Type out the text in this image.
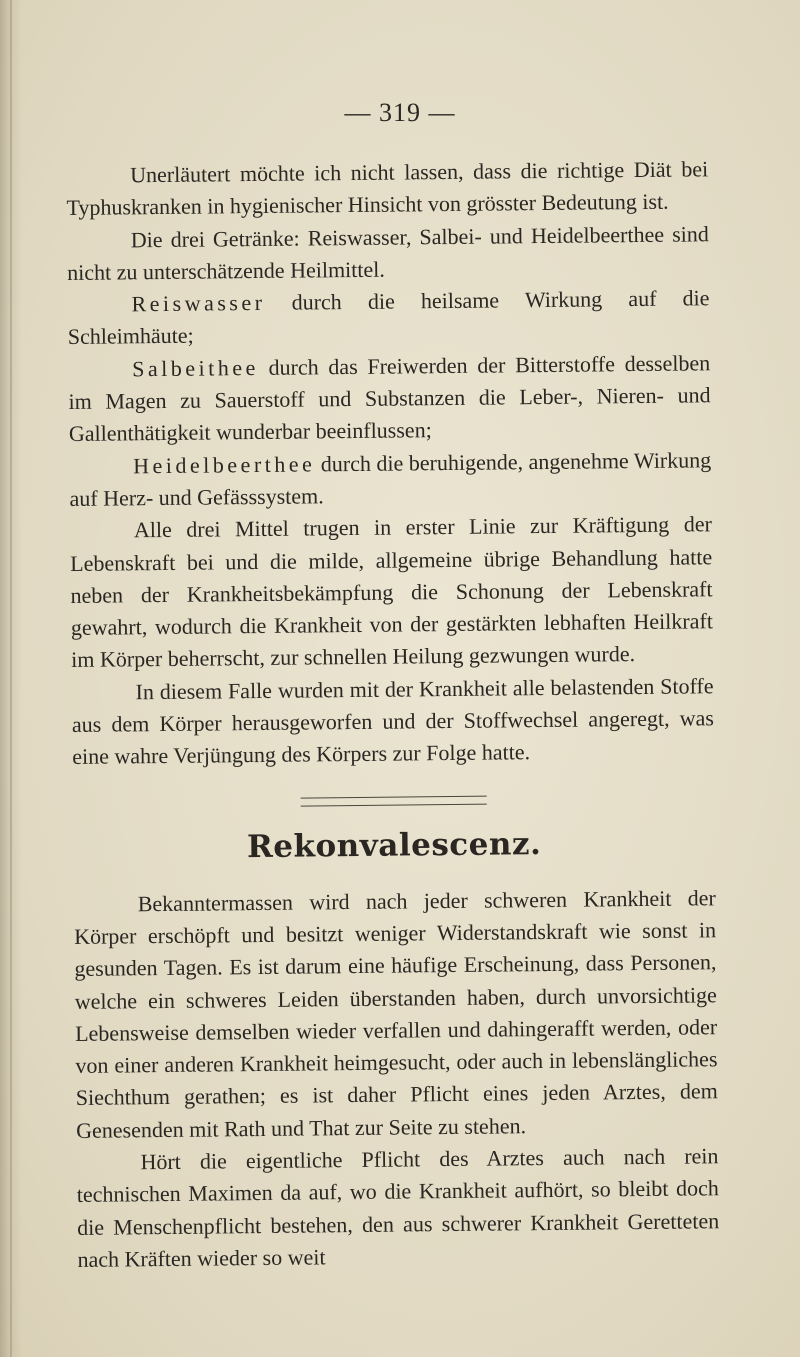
— 319 —

Unerläutert möchte ich nicht lassen, dass die richtige Diät bei Typhuskranken in hygienischer Hinsicht von grösster Bedeutung ist.

Die drei Getränke: Reiswasser, Salbei- und Heidelbeerthee sind nicht zu unterschätzende Heilmittel.

Reiswasser durch die heilsame Wirkung auf die Schleimhäute;

Salbeithee durch das Freiwerden der Bitterstoffe desselben im Magen zu Sauerstoff und Substanzen die Leber-, Nieren- und Gallenthätigkeit wunderbar beeinflussen;

Heidelbeerthee durch die beruhigende, angenehme Wirkung auf Herz- und Gefässsystem.

Alle drei Mittel trugen in erster Linie zur Kräftigung der Lebenskraft bei und die milde, allgemeine übrige Behandlung hatte neben der Krankheitsbekämpfung die Schonung der Lebenskraft gewahrt, wodurch die Krankheit von der gestärkten lebhaften Heilkraft im Körper beherrscht, zur schnellen Heilung gezwungen wurde.

In diesem Falle wurden mit der Krankheit alle belastenden Stoffe aus dem Körper herausgeworfen und der Stoffwechsel angeregt, was eine wahre Verjüngung des Körpers zur Folge hatte.

Rekonvalescenz.

Bekanntermassen wird nach jeder schweren Krankheit der Körper erschöpft und besitzt weniger Widerstandskraft wie sonst in gesunden Tagen. Es ist darum eine häufige Erscheinung, dass Personen, welche ein schweres Leiden überstanden haben, durch unvorsichtige Lebensweise demselben wieder verfallen und dahingerafft werden, oder von einer anderen Krankheit heimgesucht, oder auch in lebenslängliches Siechthum gerathen; es ist daher Pflicht eines jeden Arztes, dem Genesenden mit Rath und That zur Seite zu stehen.

Hört die eigentliche Pflicht des Arztes auch nach rein technischen Maximen da auf, wo die Krankheit aufhört, so bleibt doch die Menschenpflicht bestehen, den aus schwerer Krankheit Geretteten nach Kräften wieder so weit
